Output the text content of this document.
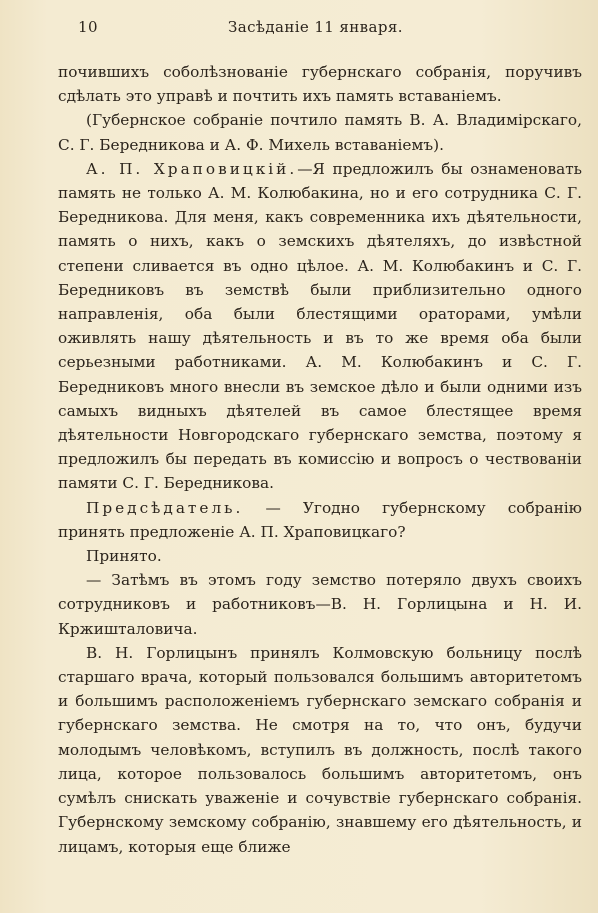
10	Засѣданіе 11 января.

почившихъ соболѣзнованіе губернскаго собранія, поручивъ сдѣлать это управѣ и почтить ихъ память вставаніемъ.

(Губернское собраніе почтило память В. А. Владимірскаго, С. Г. Бередникова и А. Ф. Михель вставаніемъ).

А. П. Храповицкій.—Я предложилъ бы ознаменовать память не только А. М. Колюбакина, но и его сотрудника С. Г. Бередникова. Для меня, какъ современника ихъ дѣятельности, память о нихъ, какъ о земскихъ дѣятеляхъ, до извѣстной степени сливается въ одно цѣлое. А. М. Колюбакинъ и С. Г. Бередниковъ въ земствѣ были приблизительно одного направленія, оба были блестящими ораторами, умѣли оживлять нашу дѣятельность и въ то же время оба были серьезными работниками. А. М. Колюбакинъ и С. Г. Бередниковъ много внесли въ земское дѣло и были одними изъ самыхъ видныхъ дѣятелей въ самое блестящее время дѣятельности Новгородскаго губернскаго земства, поэтому я предложилъ бы передать въ комиссію и вопросъ о чествованіи памяти С. Г. Бередникова.

Предсѣдатель. — Угодно губернскому собранію принять предложеніе А. П. Храповицкаго?

Принято.

— Затѣмъ въ этомъ году земство потеряло двухъ своихъ сотрудниковъ и работниковъ—В. Н. Горлицына и Н. И. Кржишталовича.

В. Н. Горлицынъ принялъ Колмовскую больницу послѣ старшаго врача, который пользовался большимъ авторитетомъ и большимъ расположеніемъ губернскаго земскаго собранія и губернскаго земства. Не смотря на то, что онъ, будучи молодымъ человѣкомъ, вступилъ въ должность, послѣ такого лица, которое пользовалось большимъ авторитетомъ, онъ сумѣлъ снискать уваженіе и сочувствіе губернскаго собранія. Губернскому земскому собранію, знавшему его дѣятельность, и лицамъ, которыя еще ближе
